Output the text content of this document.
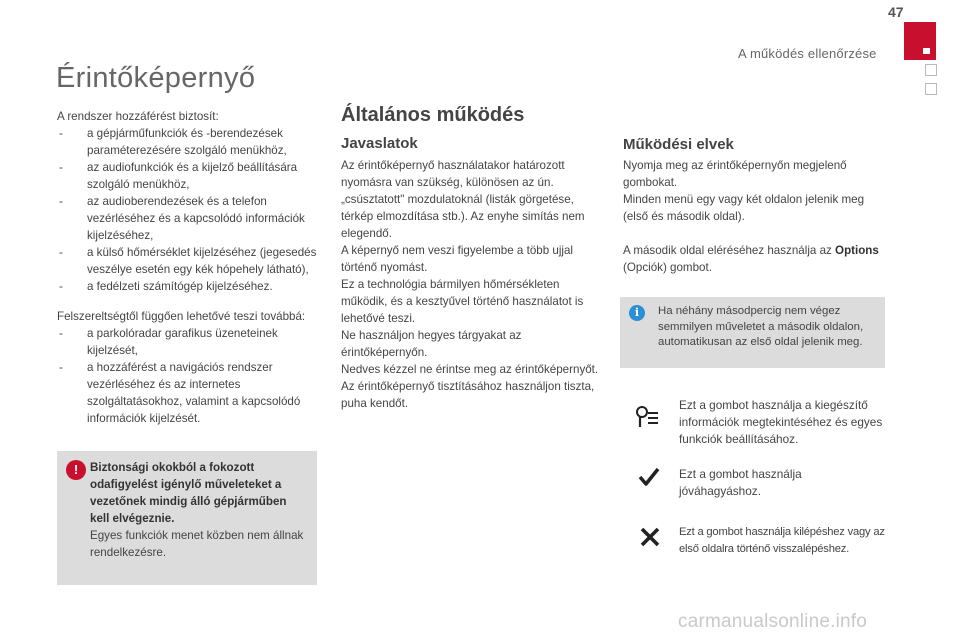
47
A működés ellenőrzése
Érintőképernyő
A rendszer hozzáférést biztosít:
- a gépjárműfunkciók és -berendezések paraméterezésére szolgáló menükhöz,
- az audiofunkciók és a kijelző beállítására szolgáló menükhöz,
- az audioberendezések és a telefon vezérléséhez és a kapcsolódó információk kijelzéséhez,
- a külső hőmérséklet kijelzéséhez (jegesedés veszélye esetén egy kék hópehely látható),
- a fedélzeti számítógép kijelzéséhez.
Felszereltségtől függően lehetővé teszi továbbá:
- a parkolóradar garafikus üzeneteinek kijelzését,
- a hozzáférést a navigációs rendszer vezérléséhez és az internetes szolgáltatásokhoz, valamint a kapcsolódó információk kijelzését.
!	Biztonsági okokból a fokozott odafigyelést igénylő műveleteket a vezetőnek mindig álló gépjárműben kell elvégeznie.
Egyes funkciók menet közben nem állnak rendelkezésre.
Általános működés
Javaslatok
Az érintőképernyő használatakor határozott nyomásra van szükség, különösen az ún. „csúsztatott" mozdulatoknál (listák görgetése, térkép elmozdítása stb.). Az enyhe simítás nem elegendő.
A képernyő nem veszi figyelembe a több ujjal történő nyomást.
Ez a technológia bármilyen hőmérsékleten működik, és a kesztyűvel történő használatot is lehetővé teszi.
Ne használjon hegyes tárgyakat az érintőképernyőn.
Nedves kézzel ne érintse meg az érintőképernyőt.
Az érintőképernyő tisztításához használjon tiszta, puha kendőt.
Működési elvek
Nyomja meg az érintőképernyőn megjelenő gombokat.
Minden menü egy vagy két oldalon jelenik meg (első és második oldal).
A második oldal eléréséhez használja az Options (Opciók) gombot.
i	Ha néhány másodpercig nem végez semmilyen műveletet a második oldalon, automatikusan az első oldal jelenik meg.
Ezt a gombot használja a kiegészítő információk megtekintéséhez és egyes funkciók beállításához.
Ezt a gombot használja jóváhagyáshoz.
Ezt a gombot használja kilépéshez vagy az első oldalra történő visszalépéshez.
carmanualsonline.info
